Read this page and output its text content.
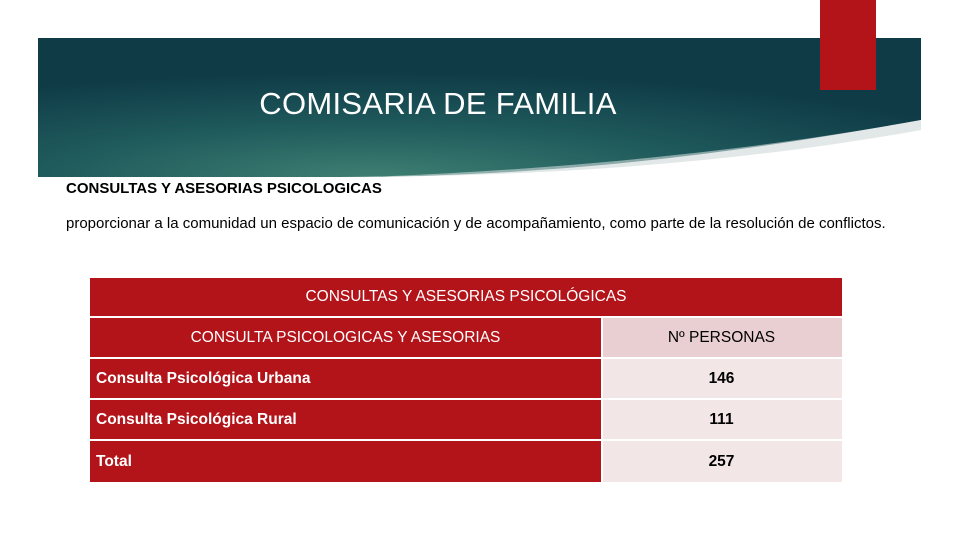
COMISARIA DE FAMILIA
CONSULTAS Y ASESORIAS PSICOLOGICAS
proporcionar a la comunidad un espacio de comunicación y de acompañamiento, como parte de la resolución de conflictos.
CONSULTAS Y ASESORIAS PSICOLÓGICAS
CONSULTA PSICOLOGICAS Y ASESORIAS	Nº PERSONAS
Consulta Psicológica Urbana	146
Consulta Psicológica Rural	111
Total	257
